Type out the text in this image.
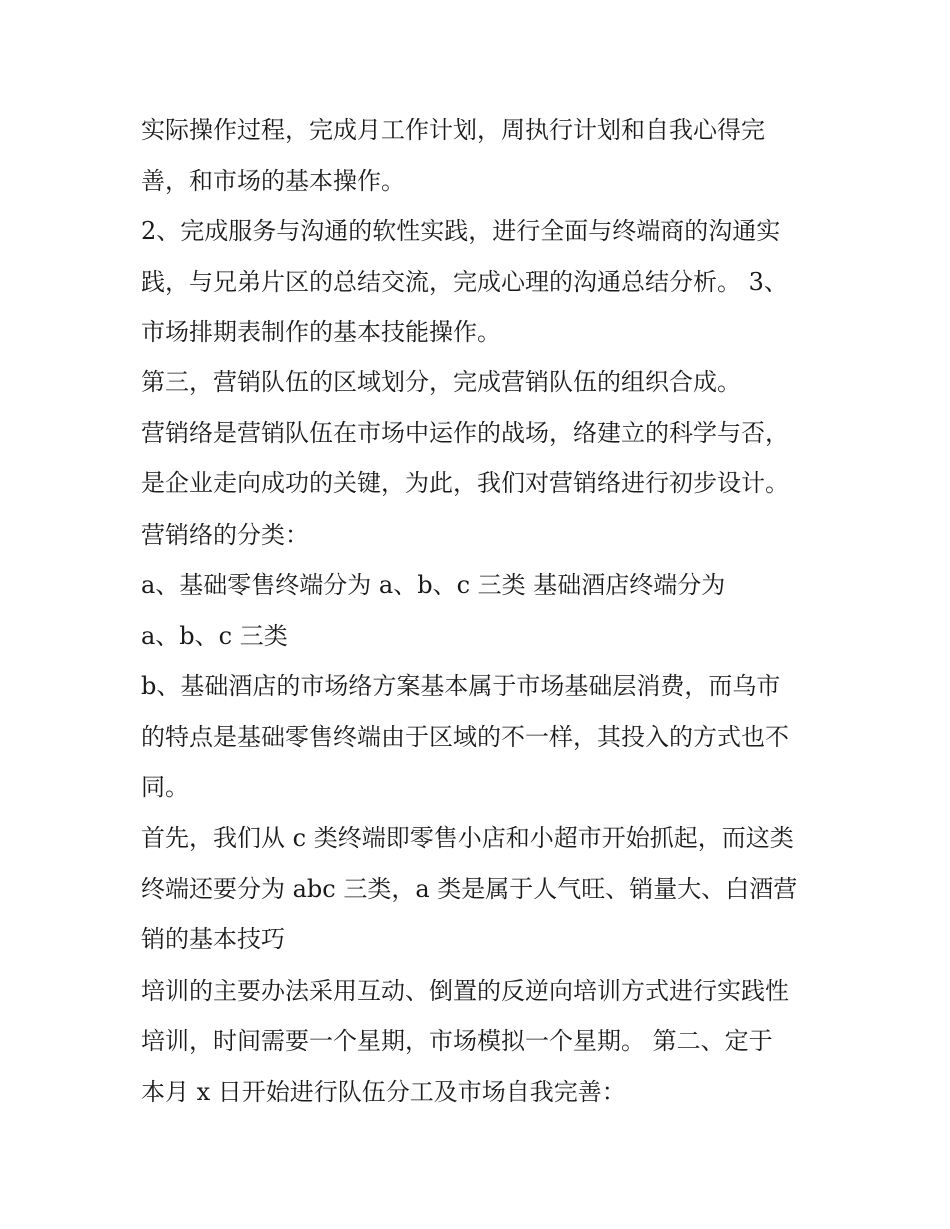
实际操作过程，完成月工作计划，周执行计划和自我心得完

善，和市场的基本操作。

2、完成服务与沟通的软性实践，进行全面与终端商的沟通实

践，与兄弟片区的总结交流，完成心理的沟通总结分析。 3、

市场排期表制作的基本技能操作。

第三，营销队伍的区域划分，完成营销队伍的组织合成。

营销络是营销队伍在市场中运作的战场，络建立的科学与否，

是企业走向成功的关键，为此，我们对营销络进行初步设计。

营销络的分类：

a、基础零售终端分为 a、b、c 三类 基础酒店终端分为

a、b、c 三类

b、基础酒店的市场络方案基本属于市场基础层消费，而乌市

的特点是基础零售终端由于区域的不一样，其投入的方式也不

同。

首先，我们从 c 类终端即零售小店和小超市开始抓起，而这类

终端还要分为 abc 三类，a 类是属于人气旺、销量大、白酒营

销的基本技巧

培训的主要办法采用互动、倒置的反逆向培训方式进行实践性

培训，时间需要一个星期，市场模拟一个星期。 第二、定于

本月 x 日开始进行队伍分工及市场自我完善：
